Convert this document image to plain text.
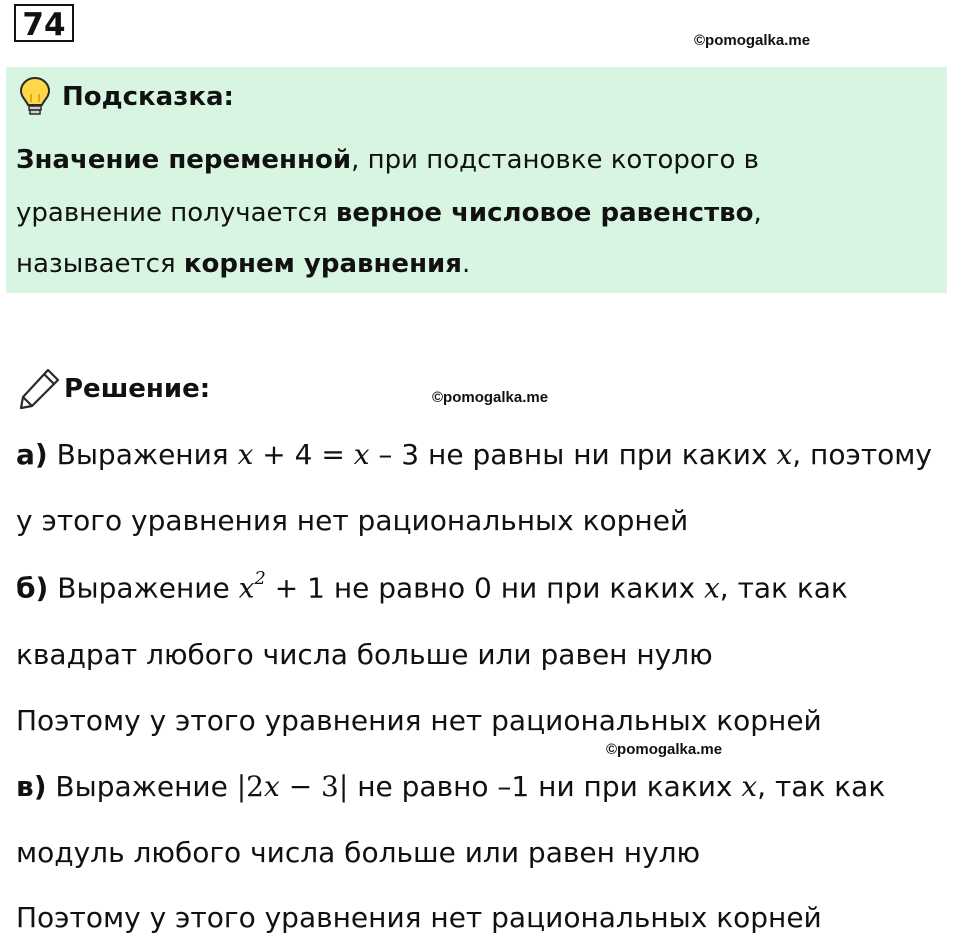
74	©pomogalka.me
Подсказка:
Значение переменной, при подстановке которого в
уравнение получается верное числовое равенство,
называется корнем уравнения.
Решение:	©pomogalka.me
а) Выражения x + 4 = x – 3 не равны ни при каких x, поэтому
у этого уравнения нет рациональных корней
б) Выражение $x^2 + 1$ не равно 0 ни при каких x, так как
квадрат любого числа больше или равен нулю
Поэтому у этого уравнения нет рациональных корней
©pomogalka.me
в) Выражение |2x − 3| не равно –1 ни при каких x, так как
модуль любого числа больше или равен нулю
Поэтому у этого уравнения нет рациональных корней
